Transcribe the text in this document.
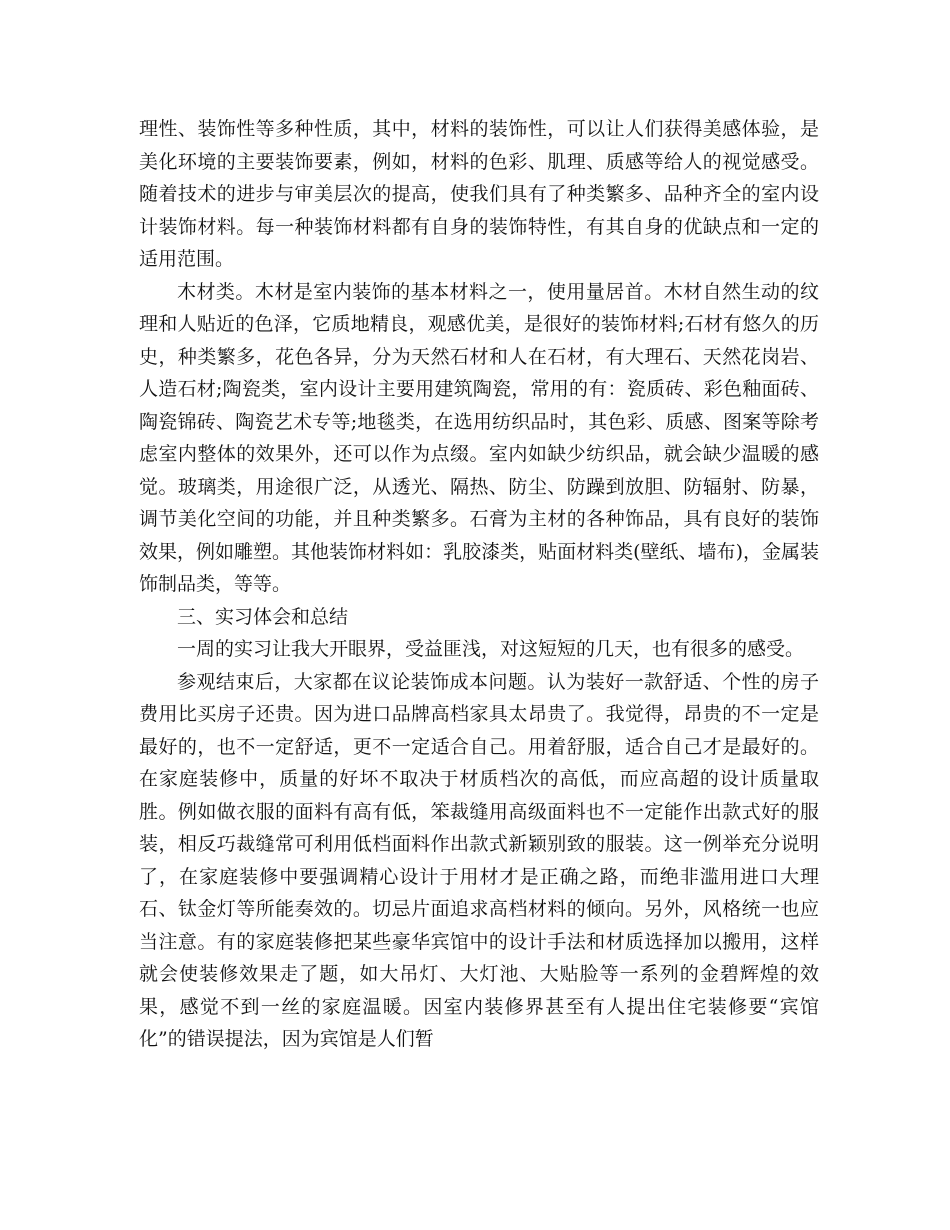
理性、装饰性等多种性质，其中，材料的装饰性，可以让人们获得美感体验，是美化环境的主要装饰要素，例如，材料的色彩、肌理、质感等给人的视觉感受。随着技术的进步与审美层次的提高，使我们具有了种类繁多、品种齐全的室内设计装饰材料。每一种装饰材料都有自身的装饰特性，有其自身的优缺点和一定的适用范围。

木材类。木材是室内装饰的基本材料之一，使用量居首。木材自然生动的纹理和人贴近的色泽，它质地精良，观感优美，是很好的装饰材料;石材有悠久的历史，种类繁多，花色各异，分为天然石材和人在石材，有大理石、天然花岗岩、人造石材;陶瓷类，室内设计主要用建筑陶瓷，常用的有：瓷质砖、彩色釉面砖、陶瓷锦砖、陶瓷艺术专等;地毯类，在选用纺织品时，其色彩、质感、图案等除考虑室内整体的效果外，还可以作为点缀。室内如缺少纺织品，就会缺少温暖的感觉。玻璃类，用途很广泛，从透光、隔热、防尘、防躁到放胆、防辐射、防暴，调节美化空间的功能，并且种类繁多。石膏为主材的各种饰品，具有良好的装饰效果，例如雕塑。其他装饰材料如：乳胶漆类，贴面材料类(壁纸、墙布)，金属装饰制品类，等等。

三、实习体会和总结

一周的实习让我大开眼界，受益匪浅，对这短短的几天，也有很多的感受。

参观结束后，大家都在议论装饰成本问题。认为装好一款舒适、个性的房子费用比买房子还贵。因为进口品牌高档家具太昂贵了。我觉得，昂贵的不一定是最好的，也不一定舒适，更不一定适合自己。用着舒服，适合自己才是最好的。在家庭装修中，质量的好坏不取决于材质档次的高低，而应高超的设计质量取胜。例如做衣服的面料有高有低，笨裁缝用高级面料也不一定能作出款式好的服装，相反巧裁缝常可利用低档面料作出款式新颖别致的服装。这一例举充分说明了，在家庭装修中要强调精心设计于用材才是正确之路，而绝非滥用进口大理石、钛金灯等所能奏效的。切忌片面追求高档材料的倾向。另外，风格统一也应当注意。有的家庭装修把某些豪华宾馆中的设计手法和材质选择加以搬用，这样就会使装修效果走了题，如大吊灯、大灯池、大贴脸等一系列的金碧辉煌的效果，感觉不到一丝的家庭温暖。因室内装修界甚至有人提出住宅装修要“宾馆化”的错误提法，因为宾馆是人们暂
